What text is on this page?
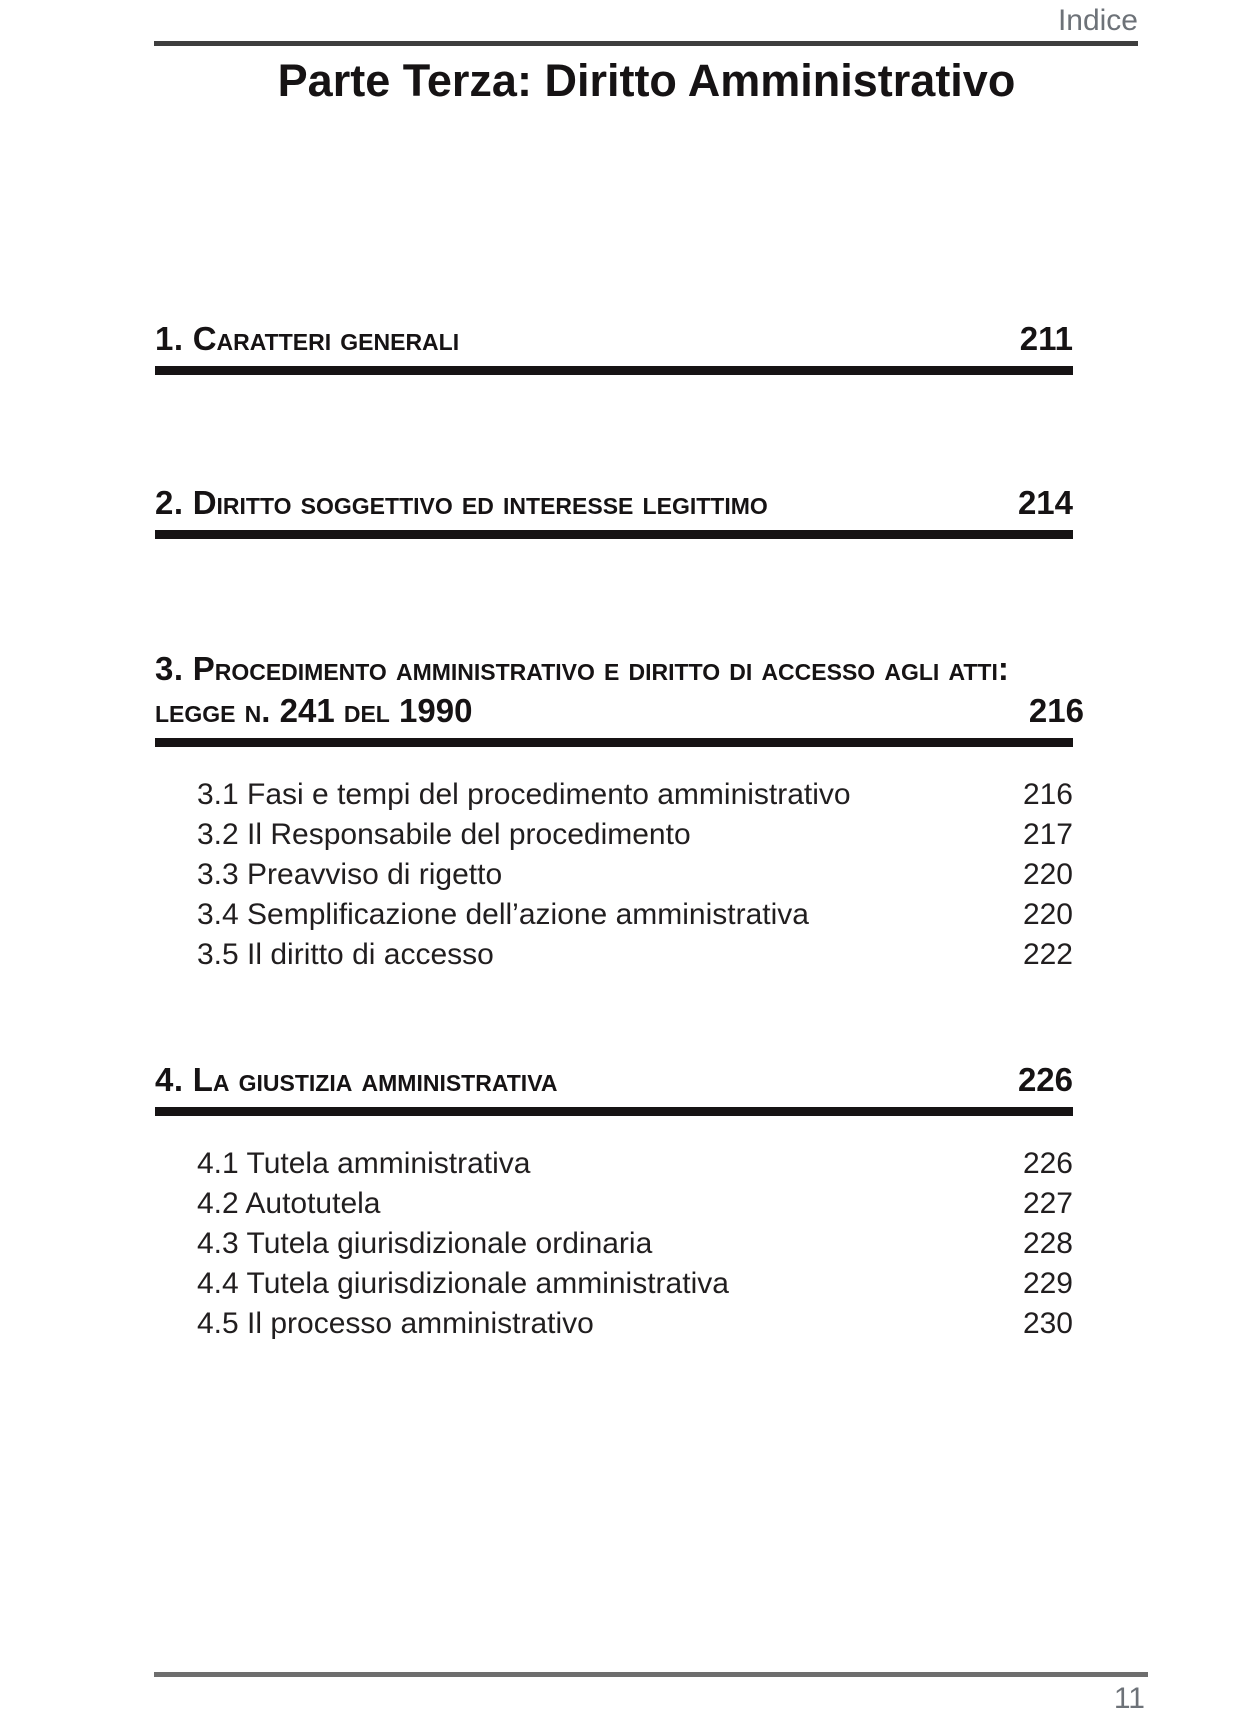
Indice
Parte Terza: Diritto Amministrativo
1. Caratteri generali	211
2. Diritto soggettivo ed interesse legittimo	214
3. Procedimento amministrativo e diritto di accesso agli atti:
legge n. 241 del 1990	216
3.1 Fasi e tempi del procedimento amministrativo	216
3.2 Il Responsabile del procedimento	217
3.3 Preavviso di rigetto	220
3.4 Semplificazione dell’azione amministrativa	220
3.5 Il diritto di accesso	222
4. La giustizia amministrativa	226
4.1 Tutela amministrativa	226
4.2 Autotutela	227
4.3 Tutela giurisdizionale ordinaria	228
4.4 Tutela giurisdizionale amministrativa	229
4.5 Il processo amministrativo	230
11
